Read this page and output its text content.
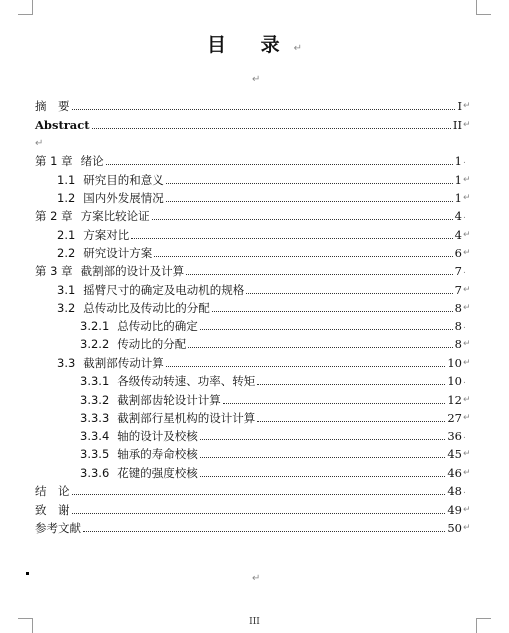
目 录↵
↵
↵
摘　要	I ↵
Abstract	II ↵
第 1 章 绪论	1 .
1.1 研究目的和意义	1 ↵
1.2 国内外发展情况	1 ↵
第 2 章 方案比较论证	4 .
2.1 方案对比	4 ↵
2.2 研究设计方案	6 ↵
第 3 章 截割部的设计及计算	7 .
3.1 摇臂尺寸的确定及电动机的规格	7 ↵
3.2 总传动比及传动比的分配	8 ↵
3.2.1 总传动比的确定	8 .
3.2.2 传动比的分配	8 ↵
3.3 截割部传动计算	10 ↵
3.3.1 各级传动转速、功率、转矩	10 .
3.3.2 截割部齿轮设计计算	12 ↵
3.3.3 截割部行星机构的设计计算	27 ↵
3.3.4 轴的设计及校核	36 .
3.3.5 轴承的寿命校核	45 ↵
3.3.6 花键的强度校核	46 ↵
结　论	48 .
致　谢	49 ↵
参考文献	50 ↵
↵
III
